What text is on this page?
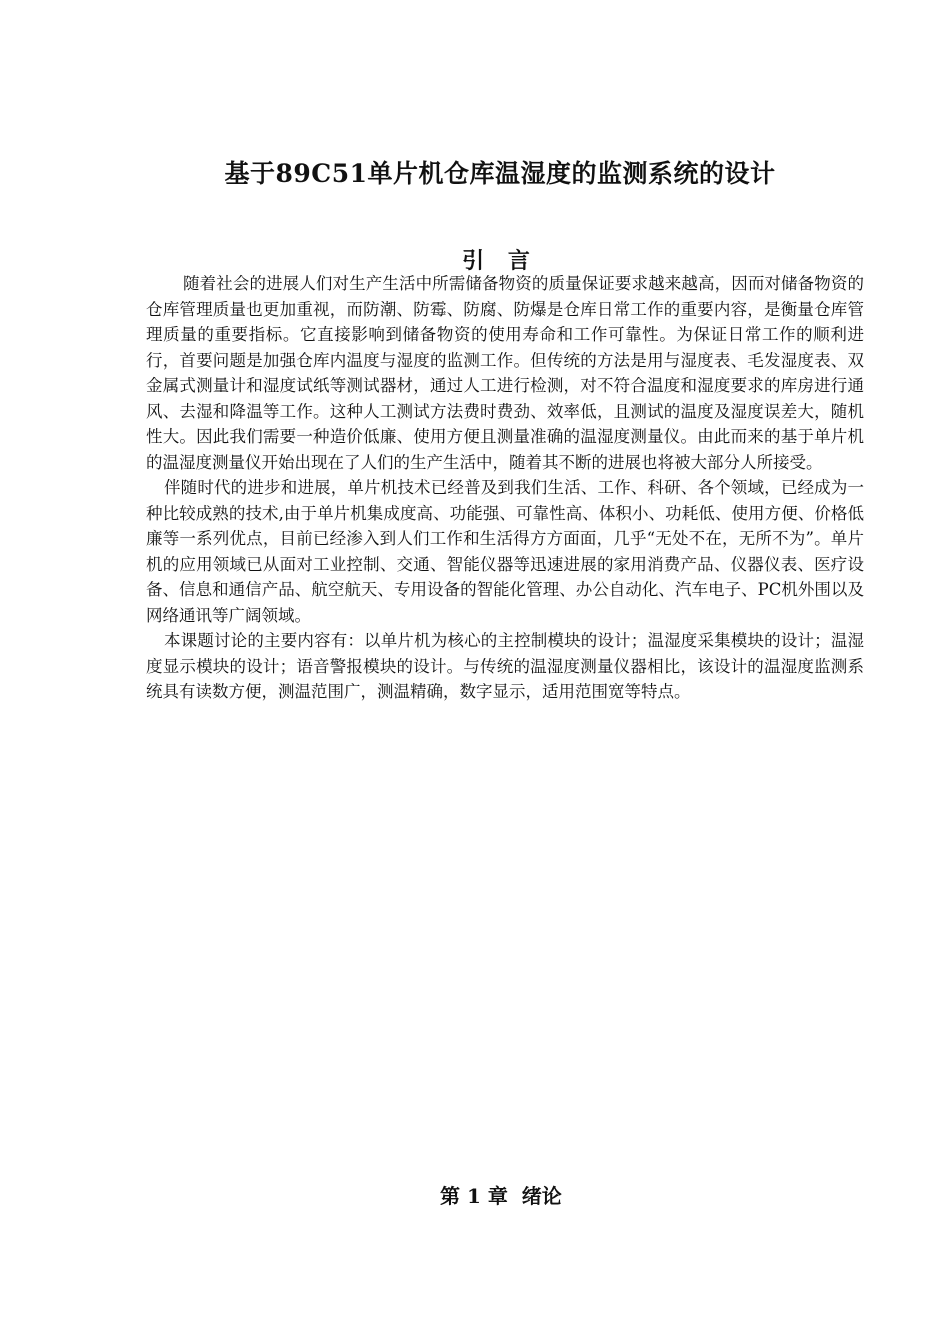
基于89C51单片机仓库温湿度的监测系统的设计
引 言

随着社会的进展人们对生产生活中所需储备物资的质量保证要求越来越高，因而对储备物资的仓库管理质量也更加重视，而防潮、防霉、防腐、防爆是仓库日常工作的重要内容，是衡量仓库管理质量的重要指标。它直接影响到储备物资的使用寿命和工作可靠性。为保证日常工作的顺利进行，首要问题是加强仓库内温度与湿度的监测工作。但传统的方法是用与湿度表、毛发湿度表、双金属式测量计和湿度试纸等测试器材，通过人工进行检测，对不符合温度和湿度要求的库房进行通风、去湿和降温等工作。这种人工测试方法费时费劲、效率低，且测试的温度及湿度误差大，随机性大。因此我们需要一种造价低廉、使用方便且测量准确的温湿度测量仪。由此而来的基于单片机的温湿度测量仪开始出现在了人们的生产生活中，随着其不断的进展也将被大部分人所接受。

伴随时代的进步和进展，单片机技术已经普及到我们生活、工作、科研、各个领域，已经成为一种比较成熟的技术,由于单片机集成度高、功能强、可靠性高、体积小、功耗低、使用方便、价格低廉等一系列优点，目前已经渗入到人们工作和生活得方方面面，几乎“无处不在，无所不为”。单片机的应用领域已从面对工业控制、交通、智能仪器等迅速进展的家用消费产品、仪器仪表、医疗设备、信息和通信产品、航空航天、专用设备的智能化管理、办公自动化、汽车电子、PC机外围以及网络通讯等广阔领域。

本课题讨论的主要内容有：以单片机为核心的主控制模块的设计；温湿度采集模块的设计；温湿度显示模块的设计；语音警报模块的设计。与传统的温湿度测量仪器相比，该设计的温湿度监测系统具有读数方便，测温范围广，测温精确，数字显示，适用范围宽等特点。

第 1 章  绪论
